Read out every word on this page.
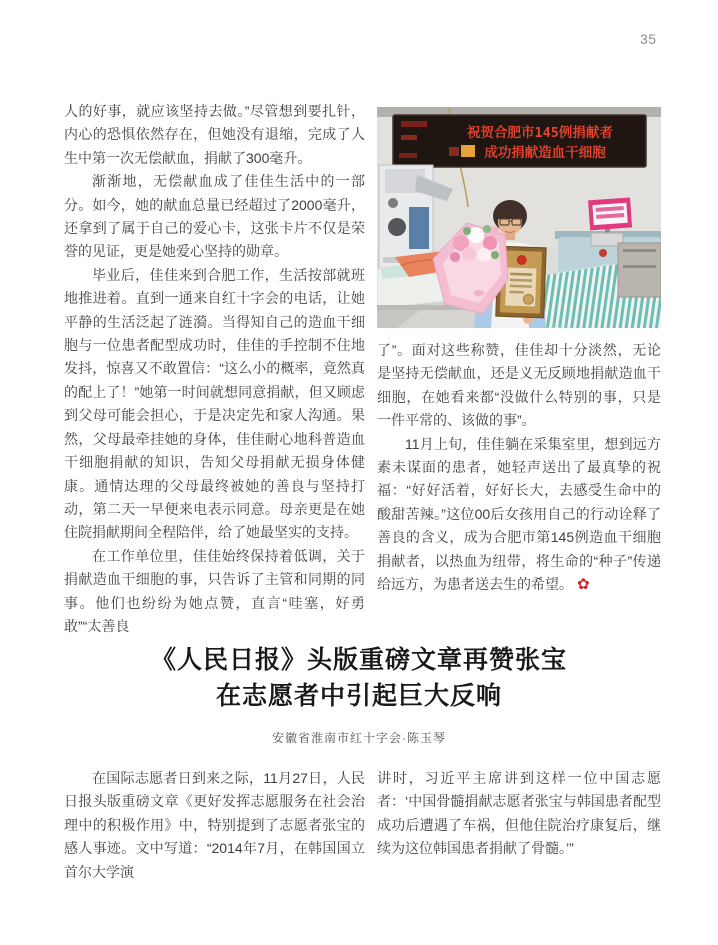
35

人的好事，就应该坚持去做。”尽管想到要扎针，内心的恐惧依然存在，但她没有退缩，完成了人生中第一次无偿献血，捐献了300毫升。

渐渐地，无偿献血成了佳佳生活中的一部分。如今，她的献血总量已经超过了2000毫升，还拿到了属于自己的爱心卡，这张卡片不仅是荣誉的见证，更是她爱心坚持的勋章。

毕业后，佳佳来到合肥工作，生活按部就班地推进着。直到一通来自红十字会的电话，让她平静的生活泛起了涟漪。当得知自己的造血干细胞与一位患者配型成功时，佳佳的手控制不住地发抖，惊喜又不敢置信：“这么小的概率，竟然真的配上了！”她第一时间就想同意捐献，但又顾虑到父母可能会担心，于是决定先和家人沟通。果然，父母最牵挂她的身体，佳佳耐心地科普造血干细胞捐献的知识，告知父母捐献无损身体健康。通情达理的父母最终被她的善良与坚持打动，第二天一早便来电表示同意。母亲更是在她住院捐献期间全程陪伴，给了她最坚实的支持。

在工作单位里，佳佳始终保持着低调，关于捐献造血干细胞的事，只告诉了主管和同期的同事。他们也纷纷为她点赞，直言“哇塞，好勇敢”“太善良

祝贺合肥市145例捐献者
成功捐献造血干细胞

了”。面对这些称赞，佳佳却十分淡然，无论是坚持无偿献血，还是义无反顾地捐献造血干细胞，在她看来都“没做什么特别的事，只是一件平常的、该做的事”。

11月上旬，佳佳躺在采集室里，想到远方素未谋面的患者，她轻声送出了最真挚的祝福：“好好活着，好好长大，去感受生命中的酸甜苦辣。”这位00后女孩用自己的行动诠释了善良的含义，成为合肥市第145例造血干细胞捐献者，以热血为纽带，将生命的“种子”传递给远方，为患者送去生的希望。 ✿

《人民日报》头版重磅文章再赞张宝
在志愿者中引起巨大反响
安徽省淮南市红十字会·陈玉琴

在国际志愿者日到来之际，11月27日，人民日报头版重磅文章《更好发挥志愿服务在社会治理中的积极作用》中，特别提到了志愿者张宝的感人事迹。文中写道：“2014年7月，在韩国国立首尔大学演

讲时，习近平主席讲到这样一位中国志愿者：‘中国骨髓捐献志愿者张宝与韩国患者配型成功后遭遇了车祸，但他住院治疗康复后，继续为这位韩国患者捐献了骨髓。’”
